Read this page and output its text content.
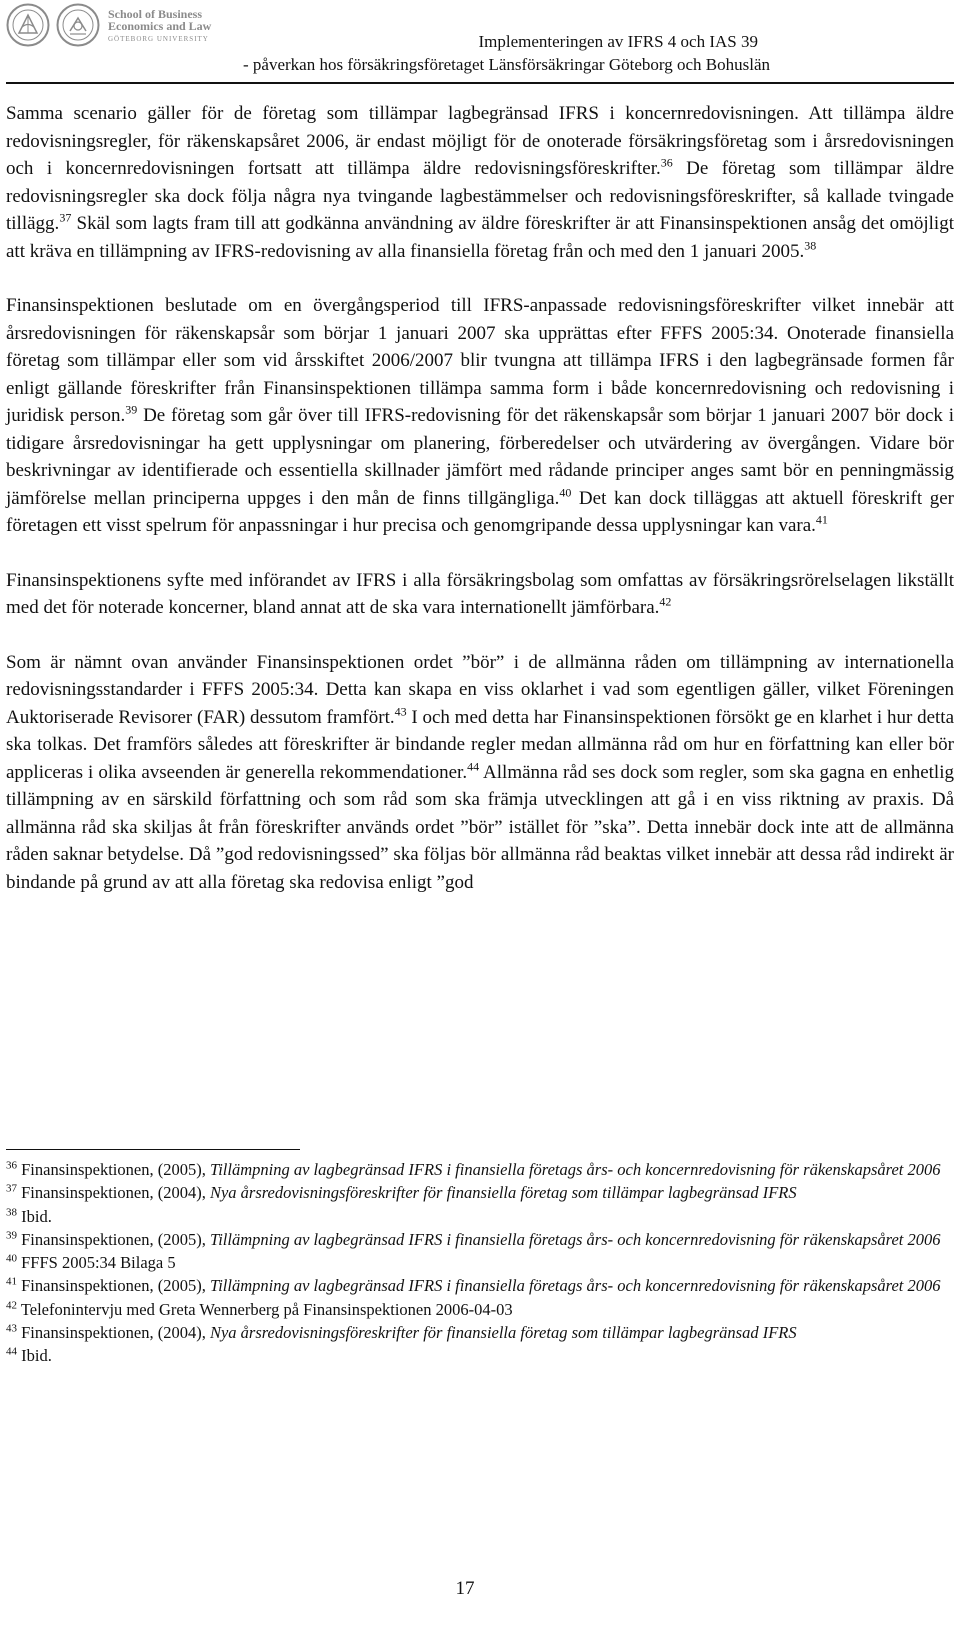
School of Business
Economics and Law
GÖTEBORG UNIVERSITY	Implementeringen av IFRS 4 och IAS 39
- påverkan hos försäkringsföretaget Länsförsäkringar Göteborg och Bohuslän

Samma scenario gäller för de företag som tillämpar lagbegränsad IFRS i koncernredovisningen. Att tillämpa äldre redovisningsregler, för räkenskapsåret 2006, är endast möjligt för de onoterade försäkringsföretag som i årsredovisningen och i koncernredovisningen fortsatt att tillämpa äldre redovisningsföreskrifter.$^{36}$ De företag som tillämpar äldre redovisningsregler ska dock följa några nya tvingande lagbestämmelser och redovisningsföreskrifter, så kallade tvingade tillägg.$^{37}$ Skäl som lagts fram till att godkänna användning av äldre föreskrifter är att Finansinspektionen ansåg det omöjligt att kräva en tillämpning av IFRS-redovisning av alla finansiella företag från och med den 1 januari 2005.38

Finansinspektionen beslutade om en övergångsperiod till IFRS-anpassade redovisningsföreskrifter vilket innebär att årsredovisningen för räkenskapsår som börjar 1 januari 2007 ska upprättas efter FFFS 2005:34. Onoterade finansiella företag som tillämpar eller som vid årsskiftet 2006/2007 blir tvungna att tillämpa IFRS i den lagbegränsade formen får enligt gällande föreskrifter från Finansinspektionen tillämpa samma form i både koncernredovisning och redovisning i juridisk person.$^{39}$ De företag som går över till IFRS-redovisning för det räkenskapsår som börjar 1 januari 2007 bör dock i tidigare årsredovisningar ha gett upplysningar om planering, förberedelser och utvärdering av övergången. Vidare bör beskrivningar av identifierade och essentiella skillnader jämfört med rådande principer anges samt bör en penningmässig jämförelse mellan principerna uppges i den mån de finns tillgängliga.$^{40}$ Det kan dock tilläggas att aktuell föreskrift ger företagen ett visst spelrum för anpassningar i hur precisa och genomgripande dessa upplysningar kan vara.$^{41}$

Finansinspektionens syfte med införandet av IFRS i alla försäkringsbolag som omfattas av försäkringsrörelselagen likställt med det för noterade koncerner, bland annat att de ska vara internationellt jämförbara.$^{42}$

Som är nämnt ovan använder Finansinspektionen ordet ”bör” i de allmänna råden om tillämpning av internationella redovisningsstandarder i FFFS 2005:34. Detta kan skapa en viss oklarhet i vad som egentligen gäller, vilket Föreningen Auktoriserade Revisorer (FAR) dessutom framfört.$^{43}$ I och med detta har Finansinspektionen försökt ge en klarhet i hur detta ska tolkas. Det framförs således att föreskrifter är bindande regler medan allmänna råd om hur en författning kan eller bör appliceras i olika avseenden är generella rekommendationer.$^{44}$ Allmänna råd ses dock som regler, som ska gagna en enhetlig tillämpning av en särskild författning och som råd som ska främja utvecklingen att gå i en viss riktning av praxis. Då allmänna råd ska skiljas åt från föreskrifter används ordet ”bör” istället för ”ska”. Detta innebär dock inte att de allmänna råden saknar betydelse. Då ”god redovisningssed” ska följas bör allmänna råd beaktas vilket innebär att dessa råd indirekt är bindande på grund av att alla företag ska redovisa enligt ”god

$^{36}$ Finansinspektionen, (2005), Tillämpning av lagbegränsad IFRS i finansiella företags års- och koncernredovisning för räkenskapsåret 2006

$^{37}$ Finansinspektionen, (2004), Nya årsredovisningsföreskrifter för finansiella företag som tillämpar lagbegränsad IFRS

$^{38}$ Ibid.

$^{39}$ Finansinspektionen, (2005), Tillämpning av lagbegränsad IFRS i finansiella företags års- och koncernredovisning för räkenskapsåret 2006

$^{40}$ FFFS 2005:34 Bilaga 5

$^{41}$ Finansinspektionen, (2005), Tillämpning av lagbegränsad IFRS i finansiella företags års- och koncernredovisning för räkenskapsåret 2006

$^{42}$ Telefonintervju med Greta Wennerberg på Finansinspektionen 2006-04-03

$^{43}$ Finansinspektionen, (2004), Nya årsredovisningsföreskrifter för finansiella företag som tillämpar lagbegränsad IFRS

$^{44}$ Ibid.

17
